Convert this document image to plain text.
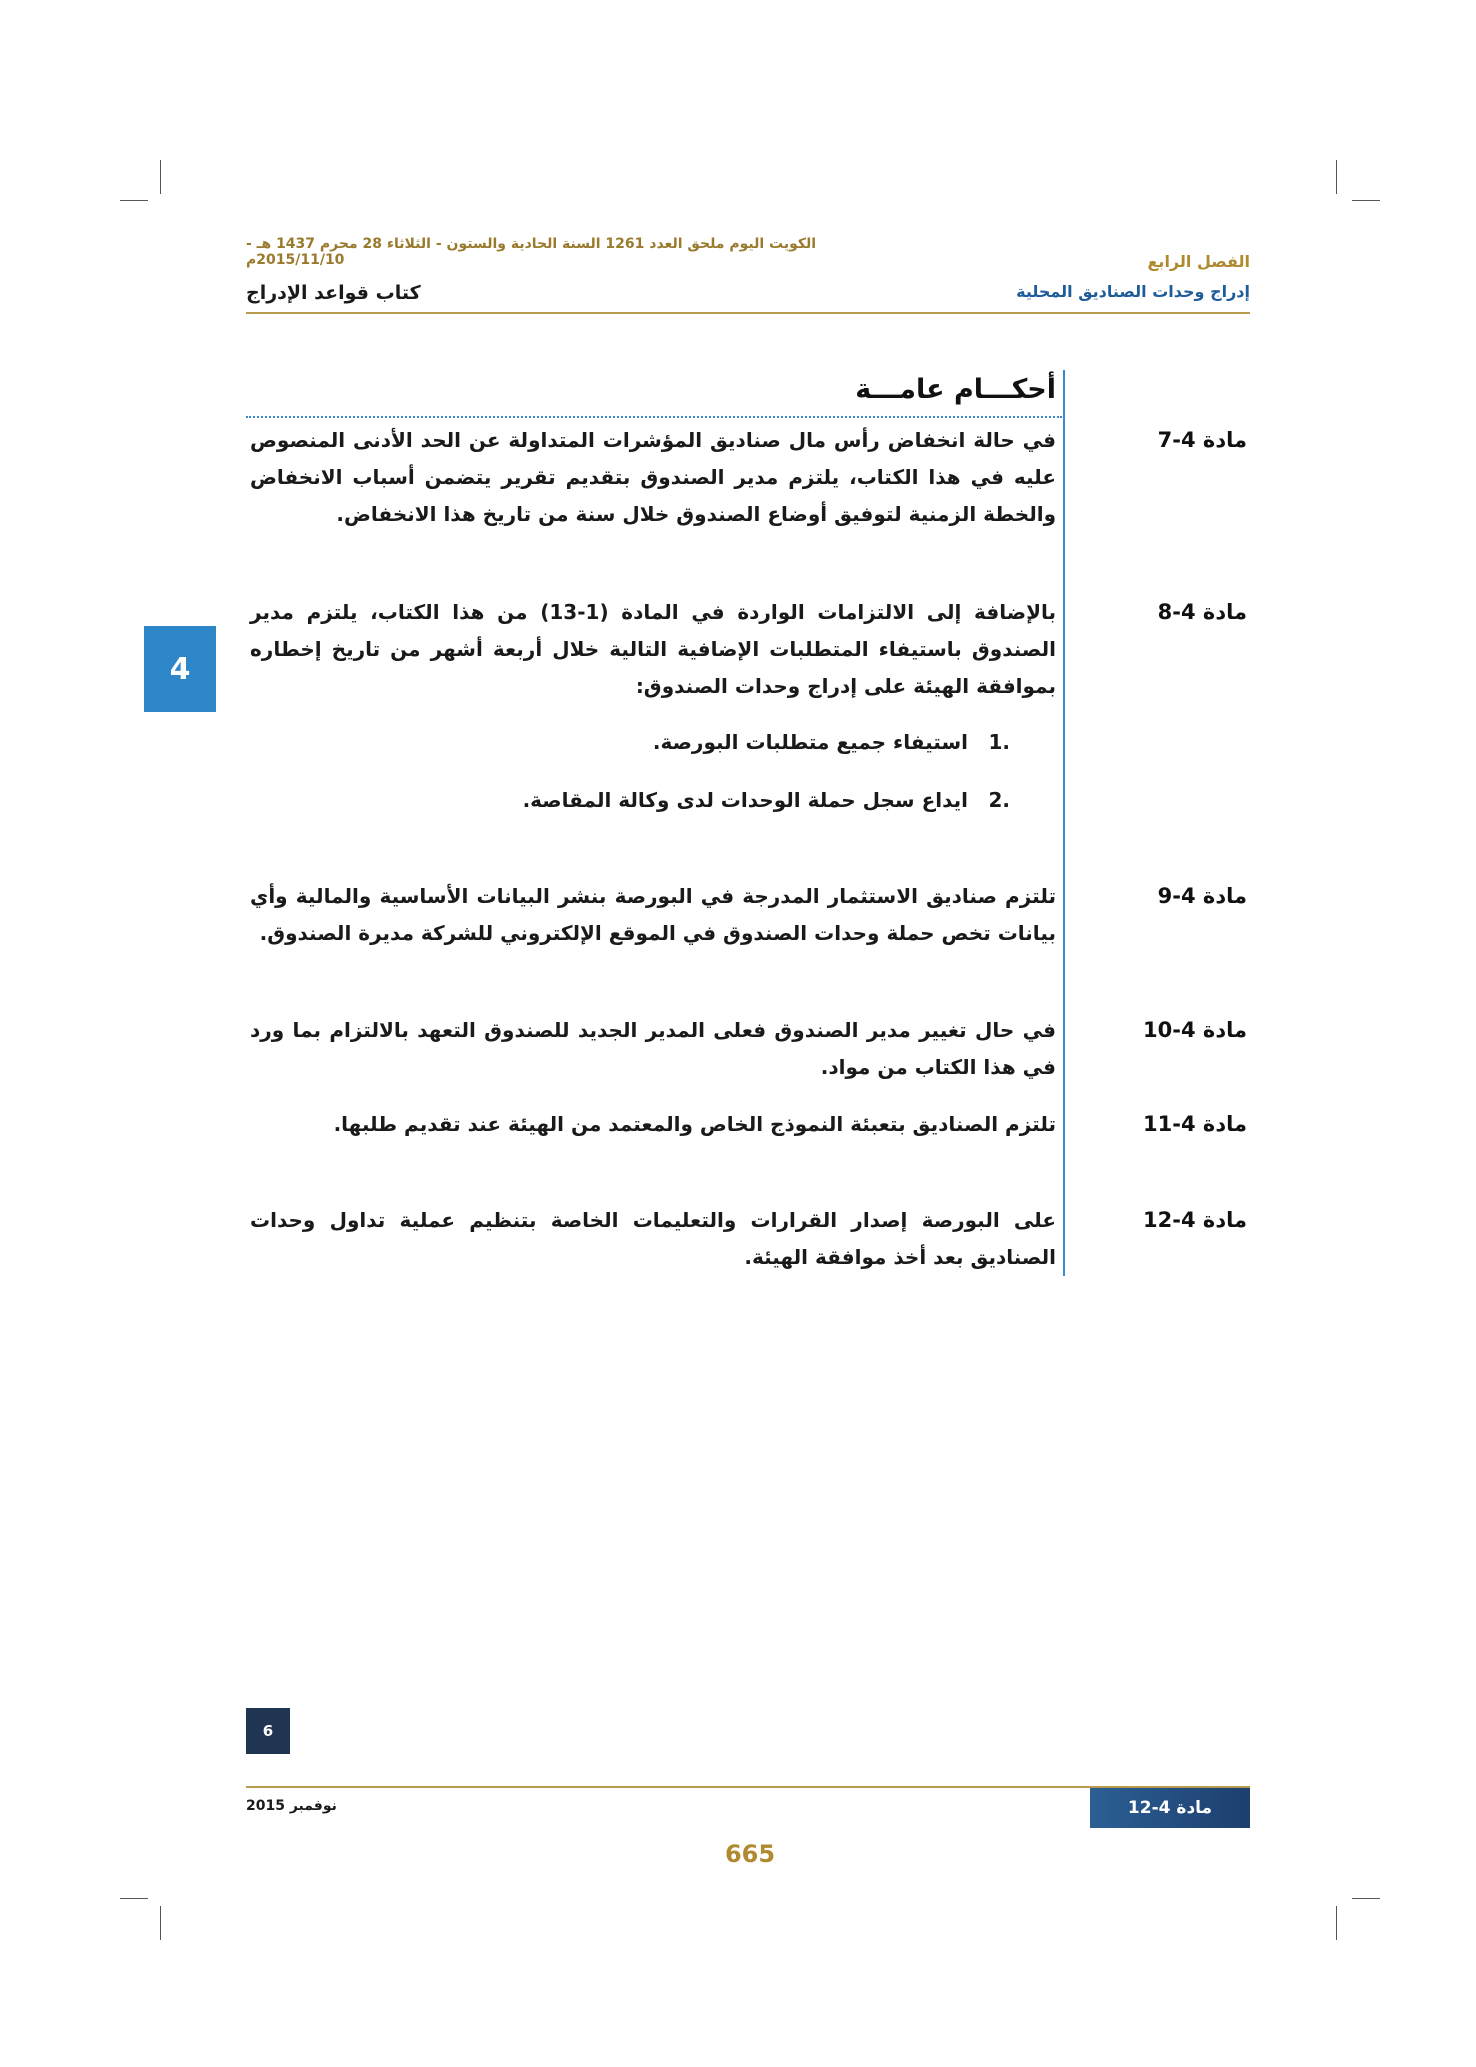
الكويت اليوم ملحق العدد 1261 السنة الحادية والستون - الثلاثاء 28 محرم 1437 هـ - 2015/11/10م	الفصل الرابع
إدراج وحدات الصناديق المحلية
كتاب قواعد الإدراج
4
أحكـــام عامـــة
مادة 4-7
في حالة انخفاض رأس مال صناديق المؤشرات المتداولة عن الحد الأدنى المنصوص عليه في هذا الكتاب، يلتزم مدير الصندوق بتقديم تقرير يتضمن أسباب الانخفاض والخطة الزمنية لتوفيق أوضاع الصندوق خلال سنة من تاريخ هذا الانخفاض.
مادة 4-8
بالإضافة إلى الالتزامات الواردة في المادة (1-13) من هذا الكتاب، يلتزم مدير الصندوق باستيفاء المتطلبات الإضافية التالية خلال أربعة أشهر من تاريخ إخطاره بموافقة الهيئة على إدراج وحدات الصندوق:
.1استيفاء جميع متطلبات البورصة.
.2ايداع سجل حملة الوحدات لدى وكالة المقاصة.
مادة 4-9
تلتزم صناديق الاستثمار المدرجة في البورصة بنشر البيانات الأساسية والمالية وأي بيانات تخص حملة وحدات الصندوق في الموقع الإلكتروني للشركة مديرة الصندوق.
مادة 4-10
في حال تغيير مدير الصندوق فعلى المدير الجديد للصندوق التعهد بالالتزام بما ورد في هذا الكتاب من مواد.
مادة 4-11
تلتزم الصناديق بتعبئة النموذج الخاص والمعتمد من الهيئة عند تقديم طلبها.
مادة 4-12
على البورصة إصدار القرارات والتعليمات الخاصة بتنظيم عملية تداول وحدات الصناديق بعد أخذ موافقة الهيئة.
6
مادة 4-12
نوفمبر 2015
665
